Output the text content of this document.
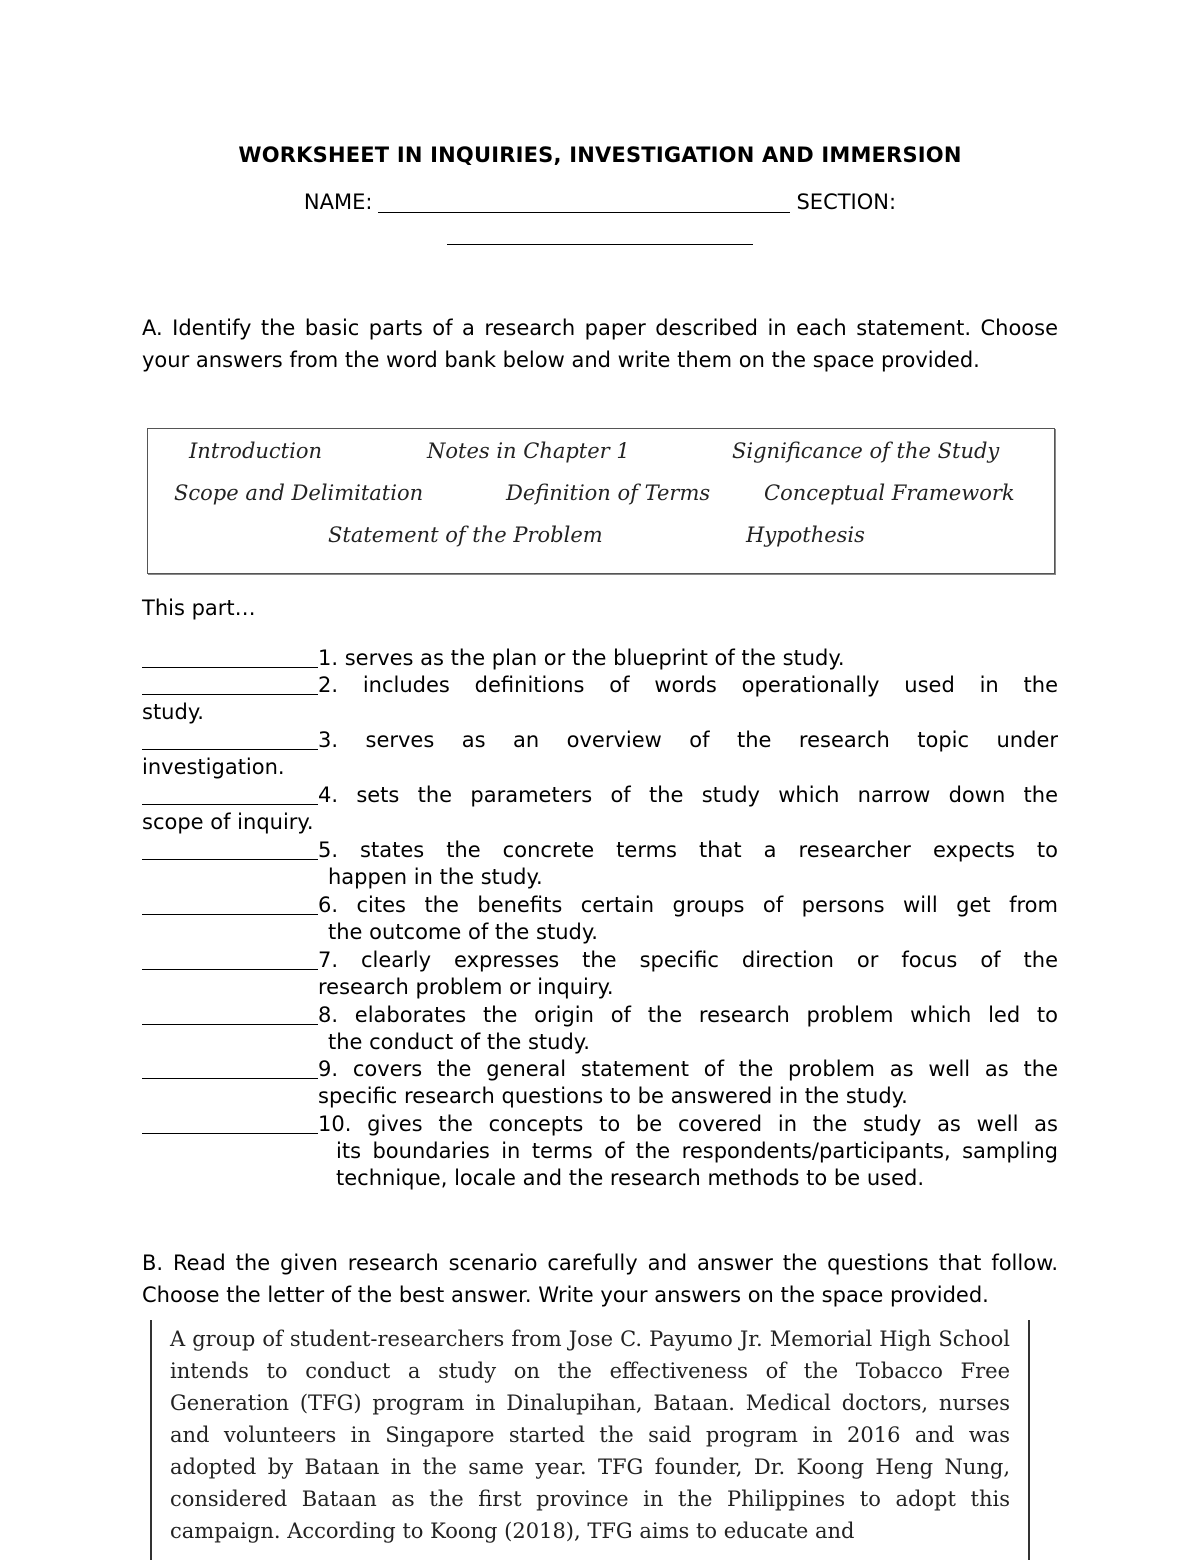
WORKSHEET IN INQUIRIES, INVESTIGATION AND IMMERSION
NAME:	SECTION:
A. Identify the basic parts of a research paper described in each statement. Choose your answers from the word bank below and write them on the space provided.
Introduction	Notes in Chapter 1	Significance of the Study
Scope and Delimitation	Definition of Terms	Conceptual Framework
Statement of the Problem	Hypothesis
This part…
1. serves as the plan or the blueprint of the study.
2. includes definitions of words operationally used in the
study.
3. serves as an overview of the research topic under
investigation.
4. sets the parameters of the study which narrow down the
scope of inquiry.
5. states the concrete terms that a researcher expects to
happen in the study.
6. cites the benefits certain groups of persons will get from
the outcome of the study.
7. clearly expresses the specific direction or focus of the
research problem or inquiry.
8. elaborates the origin of the research problem which led to
the conduct of the study.
9. covers the general statement of the problem as well as the
specific research questions to be answered in the study.
10. gives the concepts to be covered in the study as well as
its boundaries in terms of the respondents/participants, sampling technique, locale and the research methods to be used.
B. Read the given research scenario carefully and answer the questions that follow. Choose the letter of the best answer. Write your answers on the space provided.
A group of student-researchers from Jose C. Payumo Jr. Memorial High School intends to conduct a study on the effectiveness of the Tobacco Free Generation (TFG) program in Dinalupihan, Bataan. Medical doctors, nurses and volunteers in Singapore started the said program in 2016 and was adopted by Bataan in the same year. TFG founder, Dr. Koong Heng Nung, considered Bataan as the first province in the Philippines to adopt this campaign. According to Koong (2018), TFG aims to educate and
